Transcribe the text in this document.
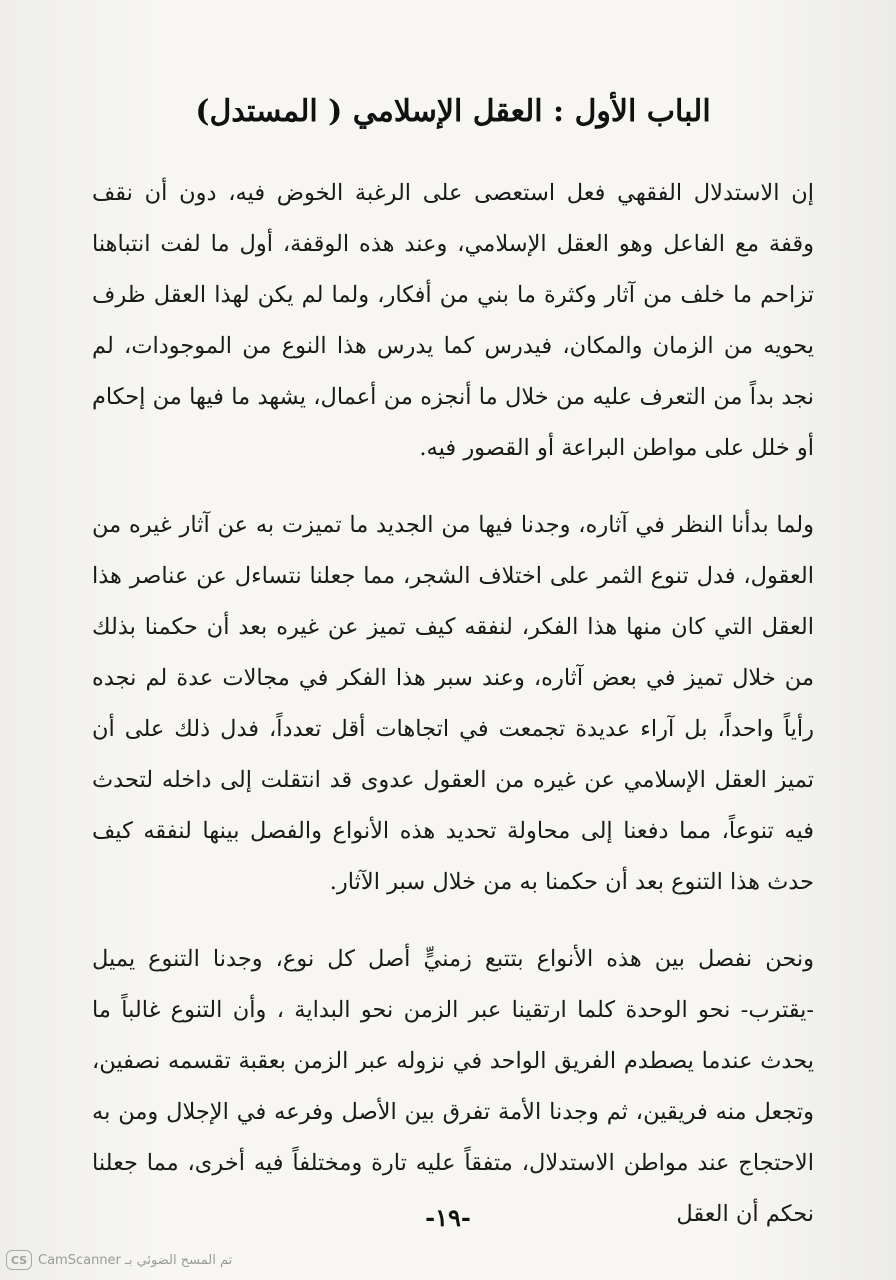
الباب الأول : العقل الإسلامي ( المستدل)

إن الاستدلال الفقهي فعل استعصى على الرغبة الخوض فيه، دون أن نقف وقفة مع الفاعل وهو العقل الإسلامي، وعند هذه الوقفة، أول ما لفت انتباهنا تزاحم ما خلف من آثار وكثرة ما بني من أفكار، ولما لم يكن لهذا العقل ظرف يحويه من الزمان والمكان، فيدرس كما يدرس هذا النوع من الموجودات، لم نجد بداً من التعرف عليه من خلال ما أنجزه من أعمال، يشهد ما فيها من إحكام أو خلل على مواطن البراعة أو القصور فيه.

ولما بدأنا النظر في آثاره، وجدنا فيها من الجديد ما تميزت به عن آثار غيره من العقول، فدل تنوع الثمر على اختلاف الشجر، مما جعلنا نتساءل عن عناصر هذا العقل التي كان منها هذا الفكر، لنفقه كيف تميز عن غيره بعد أن حكمنا بذلك من خلال تميز في بعض آثاره، وعند سبر هذا الفكر في مجالات عدة لم نجده رأياً واحداً، بل آراء عديدة تجمعت في اتجاهات أقل تعدداً، فدل ذلك على أن تميز العقل الإسلامي عن غيره من العقول عدوى قد انتقلت إلى داخله لتحدث فيه تنوعاً، مما دفعنا إلى محاولة تحديد هذه الأنواع والفصل بينها لنفقه كيف حدث هذا التنوع بعد أن حكمنا به من خلال سبر الآثار.

ونحن نفصل بين هذه الأنواع بتتبع زمنيٍّ أصل كل نوع، وجدنا التنوع يميل -يقترب- نحو الوحدة كلما ارتقينا عبر الزمن نحو البداية ، وأن التنوع غالباً ما يحدث عندما يصطدم الفريق الواحد في نزوله عبر الزمن بعقبة تقسمه نصفين، وتجعل منه فريقين، ثم وجدنا الأمة تفرق بين الأصل وفرعه في الإجلال ومن به الاحتجاج عند مواطن الاستدلال، متفقاً عليه تارة ومختلفاً فيه أخرى، مما جعلنا نحكم أن العقل

-١٩-
CS تم المسح الضوئي بـ CamScanner
